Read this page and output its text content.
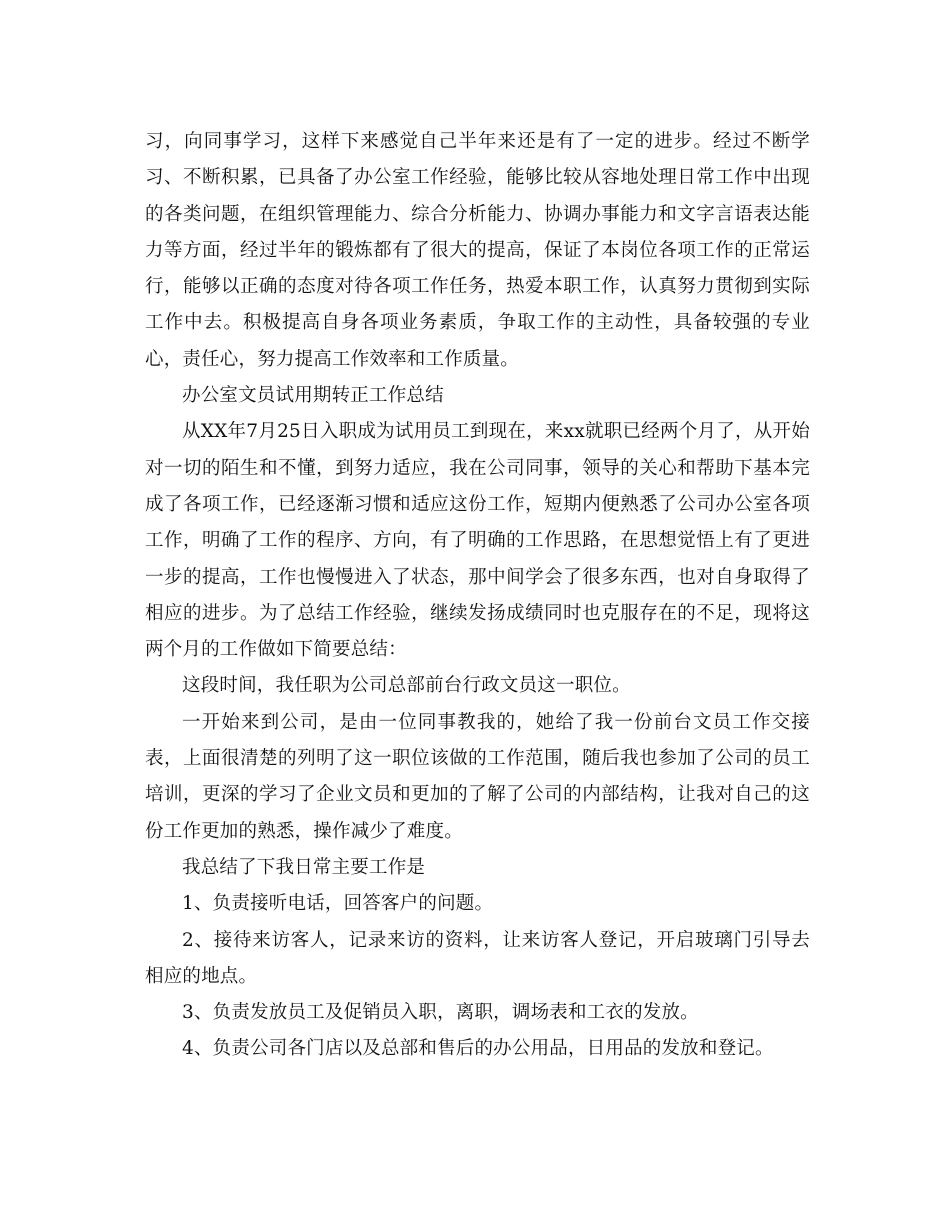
习，向同事学习，这样下来感觉自己半年来还是有了一定的进步。经过不断学习、不断积累，已具备了办公室工作经验，能够比较从容地处理日常工作中出现的各类问题，在组织管理能力、综合分析能力、协调办事能力和文字言语表达能力等方面，经过半年的锻炼都有了很大的提高，保证了本岗位各项工作的正常运行，能够以正确的态度对待各项工作任务，热爱本职工作，认真努力贯彻到实际工作中去。积极提高自身各项业务素质，争取工作的主动性，具备较强的专业心，责任心，努力提高工作效率和工作质量。

办公室文员试用期转正工作总结

从XX年7月25日入职成为试用员工到现在，来xx就职已经两个月了，从开始对一切的陌生和不懂，到努力适应，我在公司同事，领导的关心和帮助下基本完成了各项工作，已经逐渐习惯和适应这份工作，短期内便熟悉了公司办公室各项工作，明确了工作的程序、方向，有了明确的工作思路，在思想觉悟上有了更进一步的提高，工作也慢慢进入了状态，那中间学会了很多东西，也对自身取得了相应的进步。为了总结工作经验，继续发扬成绩同时也克服存在的不足，现将这两个月的工作做如下简要总结：

这段时间，我任职为公司总部前台行政文员这一职位。

一开始来到公司，是由一位同事教我的，她给了我一份前台文员工作交接表，上面很清楚的列明了这一职位该做的工作范围，随后我也参加了公司的员工培训，更深的学习了企业文员和更加的了解了公司的内部结构，让我对自己的这份工作更加的熟悉，操作减少了难度。

我总结了下我日常主要工作是

1、负责接听电话，回答客户的问题。

2、接待来访客人，记录来访的资料，让来访客人登记，开启玻璃门引导去相应的地点。

3、负责发放员工及促销员入职，离职，调场表和工衣的发放。

4、负责公司各门店以及总部和售后的办公用品，日用品的发放和登记。
